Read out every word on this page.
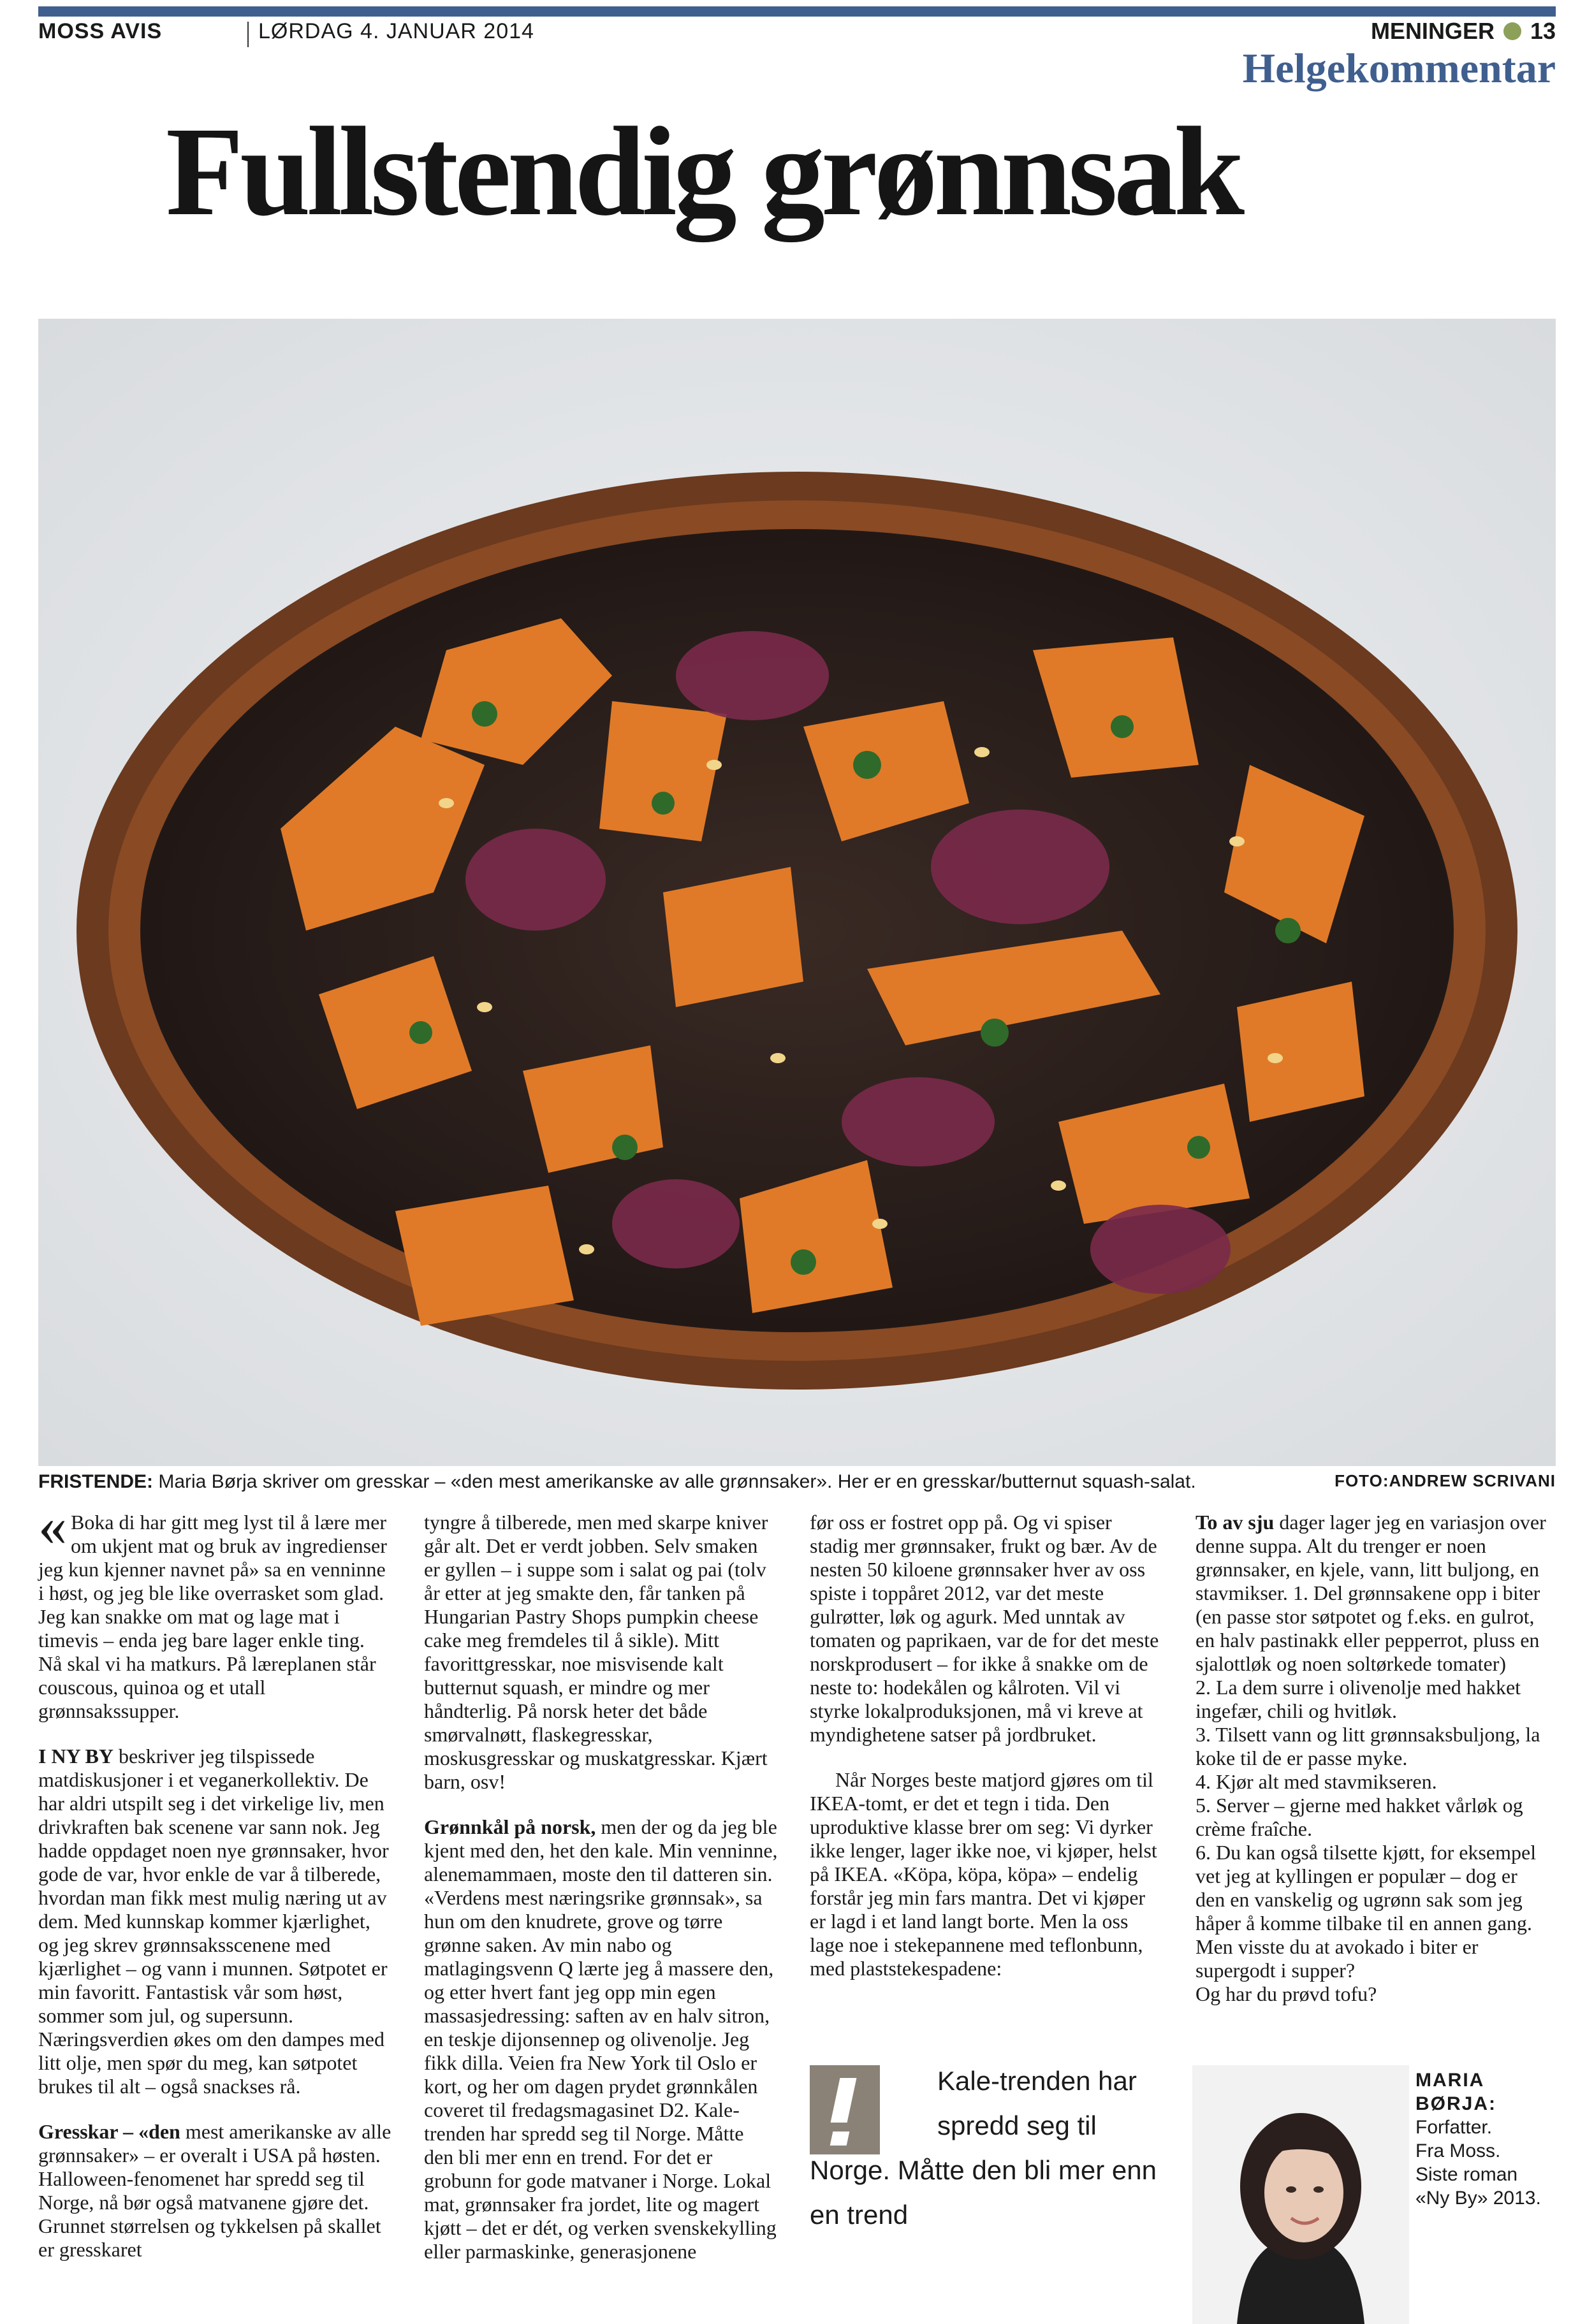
MOSS AVIS	LØRDAG 4. JANUAR 2014	MENINGER 13
Helgekommentar
Fullstendig grønnsak
FRISTENDE: Maria Børja skriver om gresskar – «den mest amerikanske av alle grønnsaker». Her er en gresskar/butternut squash-salat.	FOTO:ANDREW SCRIVANI

« Boka di har gitt meg lyst til å lære mer om ukjent mat og bruk av ingredienser jeg kun kjenner navnet på» sa en venninne i høst, og jeg ble like overrasket som glad. Jeg kan snakke om mat og lage mat i timevis – enda jeg bare lager enkle ting. Nå skal vi ha matkurs. På læreplanen står couscous, quinoa og et utall grønnsakssupper.

I NY BY beskriver jeg tilspissede matdiskusjoner i et veganerkollektiv. De har aldri utspilt seg i det virkelige liv, men drivkraften bak scenene var sann nok. Jeg hadde oppdaget noen nye grønnsaker, hvor gode de var, hvor enkle de var å tilberede, hvordan man fikk mest mulig næring ut av dem. Med kunnskap kommer kjærlighet, og jeg skrev grønnsaksscenene med kjærlighet – og vann i munnen. Søtpotet er min favoritt. Fantastisk vår som høst, sommer som jul, og supersunn. Næringsverdien økes om den dampes med litt olje, men spør du meg, kan søtpotet brukes til alt – også snackses rå.

Gresskar – «den mest amerikanske av alle grønnsaker» – er overalt i USA på høsten. Halloween-fenomenet har spredd seg til Norge, nå bør også matvanene gjøre det. Grunnet størrelsen og tykkelsen på skallet er gresskaret

tyngre å tilberede, men med skarpe kniver går alt. Det er verdt jobben. Selv smaken er gyllen – i suppe som i salat og pai (tolv år etter at jeg smakte den, får tanken på Hungarian Pastry Shops pumpkin cheese cake meg fremdeles til å sikle). Mitt favorittgresskar, noe misvisende kalt butternut squash, er mindre og mer håndterlig. På norsk heter det både smørvalnøtt, flaskegresskar, moskusgresskar og muskatgresskar. Kjært barn, osv!

Grønnkål på norsk, men der og da jeg ble kjent med den, het den kale. Min venninne, alenemammaen, moste den til datteren sin. «Verdens mest næringsrike grønnsak», sa hun om den knudrete, grove og tørre grønne saken. Av min nabo og matlagingsvenn Q lærte jeg å massere den, og etter hvert fant jeg opp min egen massasjedressing: saften av en halv sitron, en teskje dijonsennep og olivenolje. Jeg fikk dilla. Veien fra New York til Oslo er kort, og her om dagen prydet grønnkålen coveret til fredagsmagasinet D2. Kale-trenden har spredd seg til Norge. Måtte den bli mer enn en trend. For det er grobunn for gode matvaner i Norge. Lokal mat, grønnsaker fra jordet, lite og magert kjøtt – det er dét, og verken svenskekylling eller parmaskinke, generasjonene

før oss er fostret opp på. Og vi spiser stadig mer grønnsaker, frukt og bær. Av de nesten 50 kiloene grønnsaker hver av oss spiste i toppåret 2012, var det meste gulrøtter, løk og agurk. Med unntak av tomaten og paprikaen, var de for det meste norskprodusert – for ikke å snakke om de neste to: hodekålen og kålroten. Vil vi styrke lokalproduksjonen, må vi kreve at myndighetene satser på jordbruket.

Når Norges beste matjord gjøres om til IKEA-tomt, er det et tegn i tida. Den uproduktive klasse brer om seg: Vi dyrker ikke lenger, lager ikke noe, vi kjøper, helst på IKEA. «Köpa, köpa, köpa» – endelig forstår jeg min fars mantra. Det vi kjøper er lagd i et land langt borte. Men la oss lage noe i stekepannene med teflonbunn, med plaststekespadene:

To av sju dager lager jeg en variasjon over denne suppa. Alt du trenger er noen grønnsaker, en kjele, vann, litt buljong, en stavmikser. 1. Del grønnsakene opp i biter (en passe stor søtpotet og f.eks. en gulrot, en halv pastinakk eller pepperrot, pluss en sjalottløk og noen soltørkede tomater)

2. La dem surre i olivenolje med hakket ingefær, chili og hvitløk.

3. Tilsett vann og litt grønnsaksbuljong, la koke til de er passe myke.

4. Kjør alt med stavmikseren.

5. Server – gjerne med hakket vårløk og crème fraîche.

6. Du kan også tilsette kjøtt, for eksempel vet jeg at kyllingen er populær – dog er den en vanskelig og ugrønn sak som jeg håper å komme tilbake til en annen gang. Men visste du at avokado i biter er supergodt i supper?

Og har du prøvd tofu?

Kale-trenden har
spredd seg til
Norge. Måtte den bli mer enn
en trend
MARIA
BØRJA:
Forfatter.
Fra Moss.
Siste roman
«Ny By» 2013.
